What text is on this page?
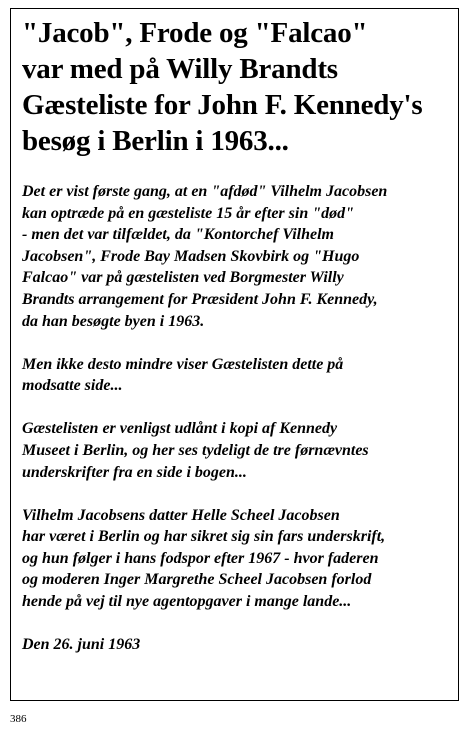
"Jacob", Frode og "Falcao"
var med på Willy Brandts
Gæsteliste for John F. Kennedy's
besøg i Berlin i 1963...

Det er vist første gang, at en "afdød" Vilhelm Jacobsen
kan optræde på en gæsteliste 15 år efter sin "død"
- men det var tilfældet, da "Kontorchef Vilhelm
Jacobsen", Frode Bay Madsen Skovbirk og "Hugo
Falcao" var på gæstelisten ved Borgmester Willy
Brandts arrangement for Præsident John F. Kennedy,
da han besøgte byen i 1963.

Men ikke desto mindre viser Gæstelisten dette på
modsatte side...

Gæstelisten er venligst udlånt i kopi af Kennedy
Museet i Berlin, og her ses tydeligt de tre førnævntes
underskrifter fra en side i bogen...

Vilhelm Jacobsens datter Helle Scheel Jacobsen
har været i Berlin og har sikret sig sin fars underskrift,
og hun følger i hans fodspor efter 1967 - hvor faderen
og moderen Inger Margrethe Scheel Jacobsen forlod
hende på vej til nye agentopgaver i mange lande...

Den 26. juni 1963

386
